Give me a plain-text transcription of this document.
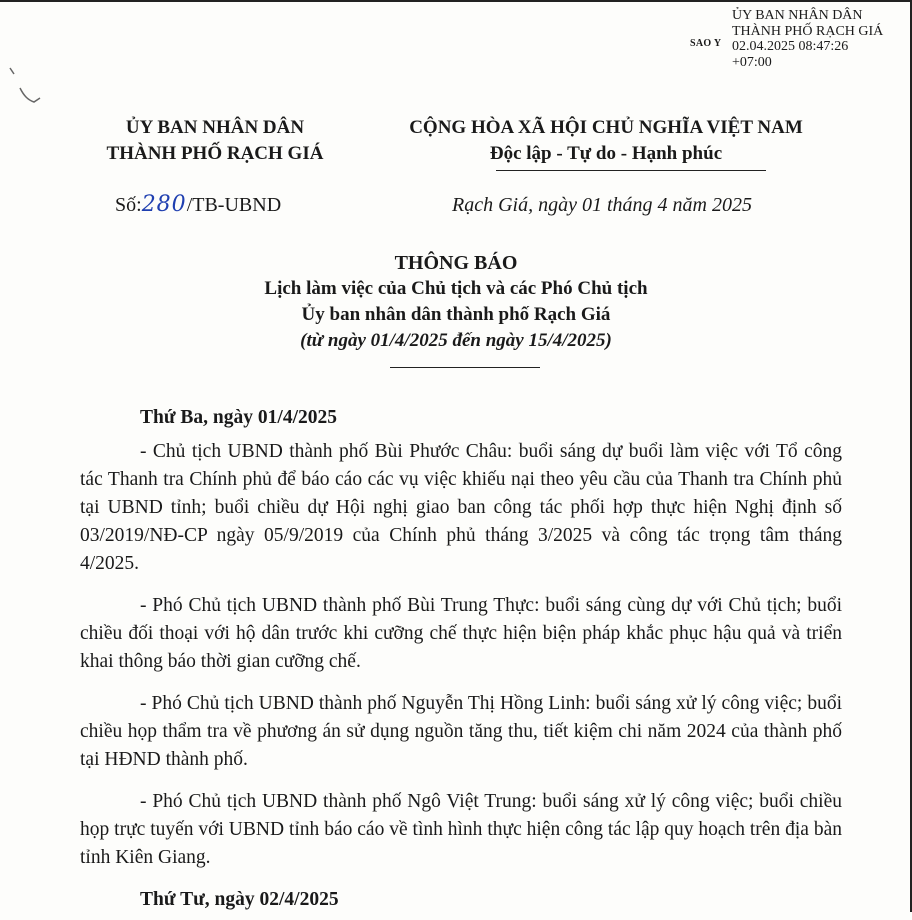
SAO Y
ỦY BAN NHÂN DÂN
THÀNH PHỐ RẠCH GIÁ
02.04.2025 08:47:26
+07:00
ỦY BAN NHÂN DÂN
THÀNH PHỐ RẠCH GIÁ
CỘNG HÒA XÃ HỘI CHỦ NGHĨA VIỆT NAM
Độc lập - Tự do - Hạnh phúc
Số:280/TB-UBND	Rạch Giá, ngày 01 tháng 4 năm 2025
THÔNG BÁO
Lịch làm việc của Chủ tịch và các Phó Chủ tịch
Ủy ban nhân dân thành phố Rạch Giá
(từ ngày 01/4/2025 đến ngày 15/4/2025)
Thứ Ba, ngày 01/4/2025

- Chủ tịch UBND thành phố Bùi Phước Châu: buổi sáng dự buổi làm việc với Tổ công tác Thanh tra Chính phủ để báo cáo các vụ việc khiếu nại theo yêu cầu của Thanh tra Chính phủ tại UBND tỉnh; buổi chiều dự Hội nghị giao ban công tác phối hợp thực hiện Nghị định số 03/2019/NĐ-CP ngày 05/9/2019 của Chính phủ tháng 3/2025 và công tác trọng tâm tháng 4/2025.

- Phó Chủ tịch UBND thành phố Bùi Trung Thực: buổi sáng cùng dự với Chủ tịch; buổi chiều đối thoại với hộ dân trước khi cưỡng chế thực hiện biện pháp khắc phục hậu quả và triển khai thông báo thời gian cưỡng chế.

- Phó Chủ tịch UBND thành phố Nguyễn Thị Hồng Linh: buổi sáng xử lý công việc; buổi chiều họp thẩm tra về phương án sử dụng nguồn tăng thu, tiết kiệm chi năm 2024 của thành phố tại HĐND thành phố.

- Phó Chủ tịch UBND thành phố Ngô Việt Trung: buổi sáng xử lý công việc; buổi chiều họp trực tuyến với UBND tỉnh báo cáo về tình hình thực hiện công tác lập quy hoạch trên địa bàn tỉnh Kiên Giang.

Thứ Tư, ngày 02/4/2025
